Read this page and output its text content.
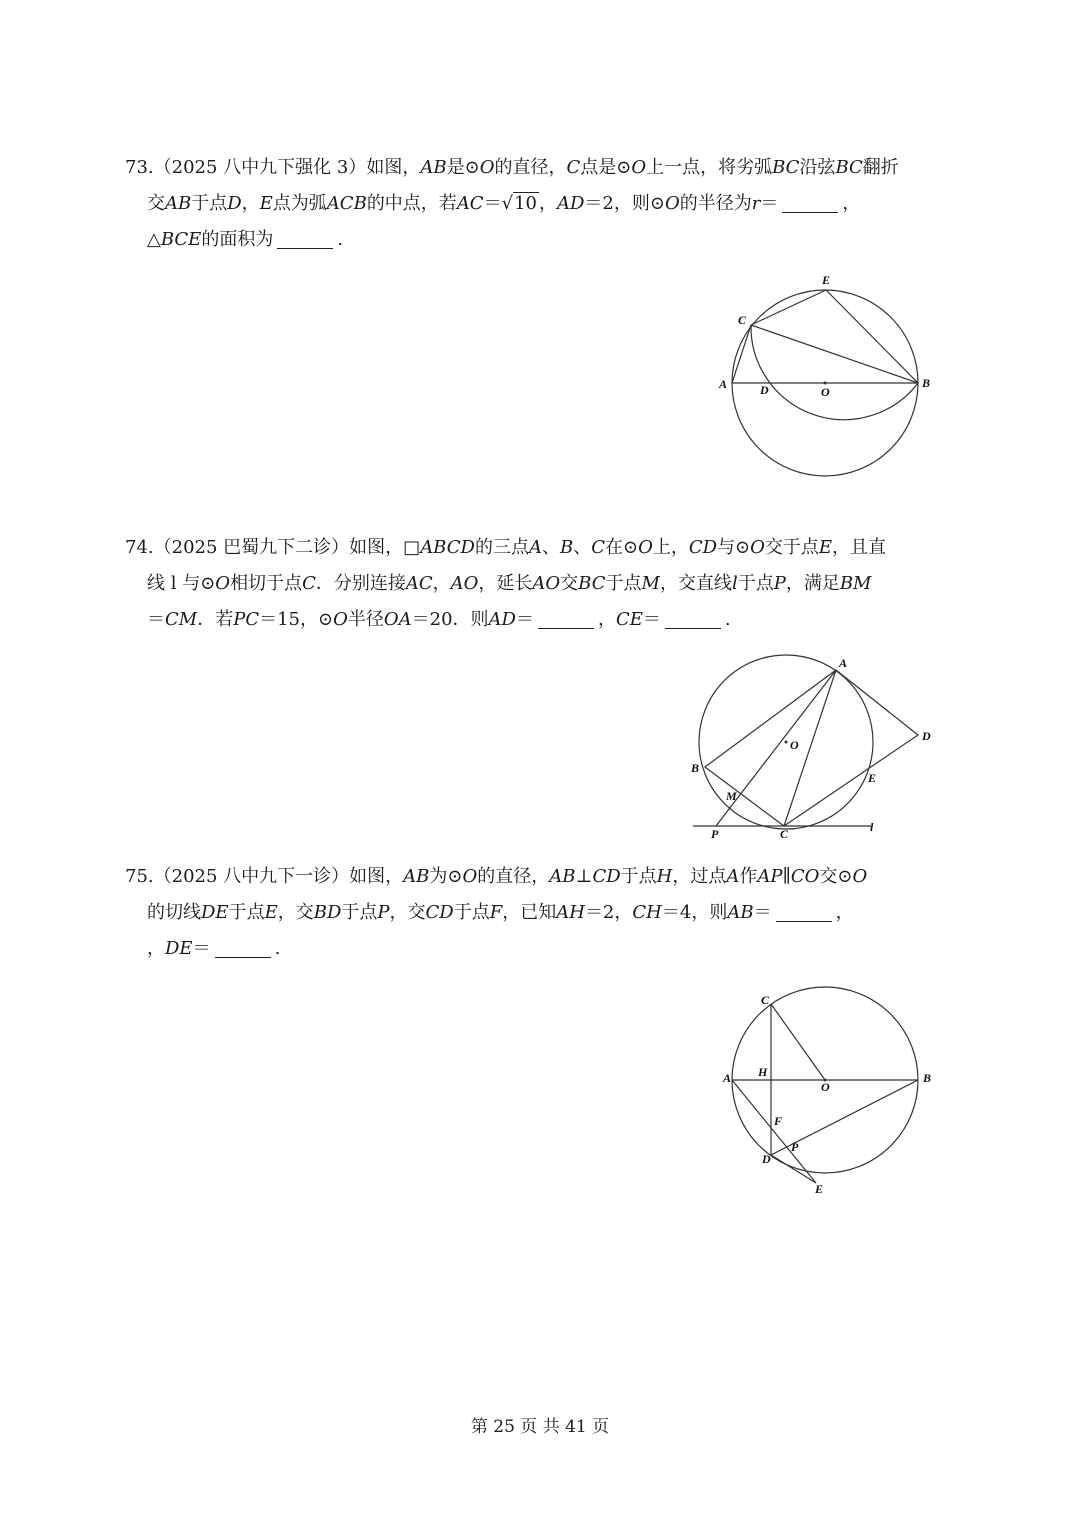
73.（2025 八中九下强化 3）如图，AB是⊙O的直径，C点是⊙O上一点，将劣弧BC沿弦BC翻折
交AB于点D，E点为弧ACB的中点，若AC＝√10 ，AD＝2，则⊙O的半径为r＝	，
△BCE的面积为	.
A	B
C
D
E
O
74.（2025 巴蜀九下二诊）如图，□ABCD的三点A、B、C在⊙O上，CD与⊙O交于点E，且直
线 l 与⊙O相切于点C．分别连接AC，AO，延长AO交BC于点M，交直线l于点P，满足BM
＝CM．若PC＝15，⊙O半径OA＝20．则AD＝	，CE＝	.
A
B
C
D
E
O
M
P	l
75.（2025 八中九下一诊）如图，AB为⊙O的直径，AB⊥CD于点H，过点A作AP∥CO交⊙O
的切线DE于点E，交BD于点P，交CD于点F，已知AH＝2，CH＝4，则AB＝	，
，DE＝	.
A	B
C
D
E
F
H
O
P
第 25 页 共 41 页
